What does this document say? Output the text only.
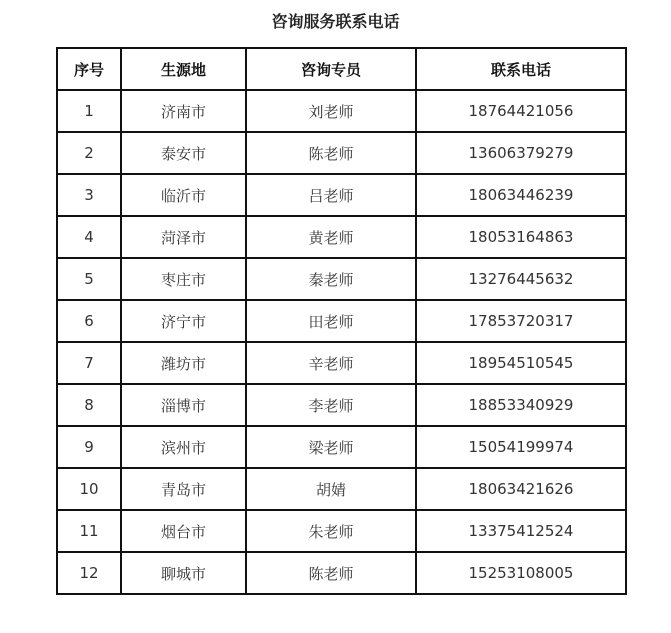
咨询服务联系电话
序号	生源地	咨询专员	联系电话
1	济南市	刘老师	18764421056
2	泰安市	陈老师	13606379279
3	临沂市	吕老师	18063446239
4	菏泽市	黄老师	18053164863
5	枣庄市	秦老师	13276445632
6	济宁市	田老师	17853720317
7	潍坊市	辛老师	18954510545
8	淄博市	李老师	18853340929
9	滨州市	梁老师	15054199974
10	青岛市	胡婧	18063421626
11	烟台市	朱老师	13375412524
12	聊城市	陈老师	15253108005
